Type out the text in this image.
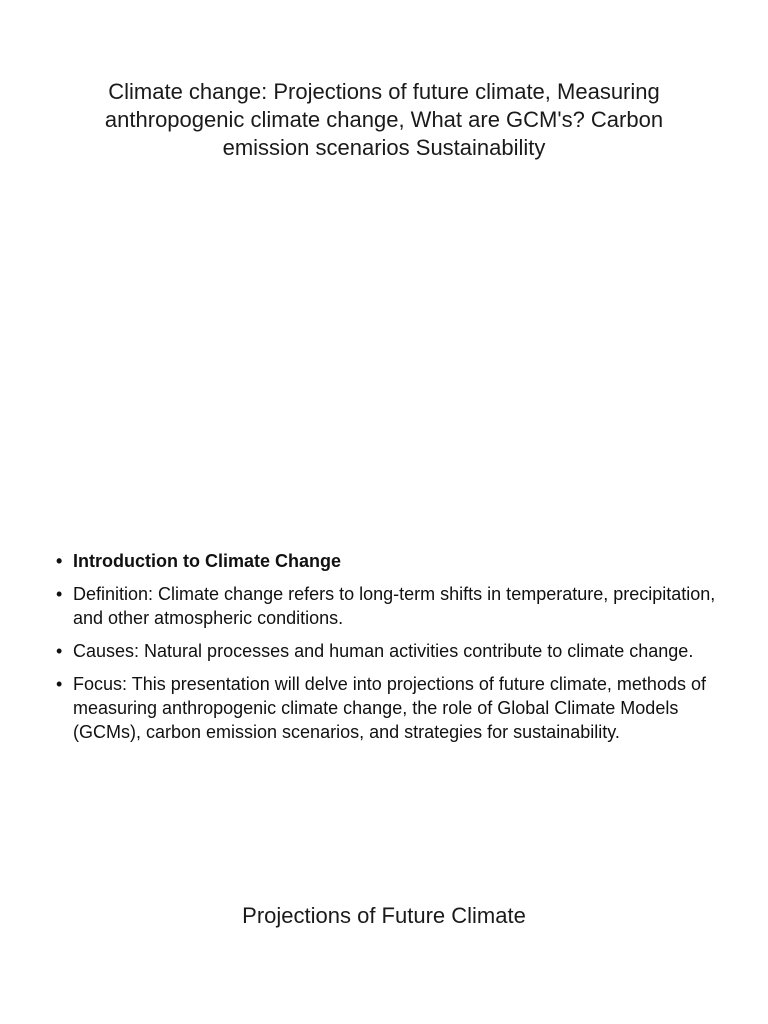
Climate change: Projections of future climate, Measuring anthropogenic climate change, What are GCM's? Carbon emission scenarios Sustainability
• Introduction to Climate Change
• Definition: Climate change refers to long-term shifts in temperature, precipitation, and other atmospheric conditions.
• Causes: Natural processes and human activities contribute to climate change.
• Focus: This presentation will delve into projections of future climate, methods of measuring anthropogenic climate change, the role of Global Climate Models (GCMs), carbon emission scenarios, and strategies for sustainability.
Projections of Future Climate
